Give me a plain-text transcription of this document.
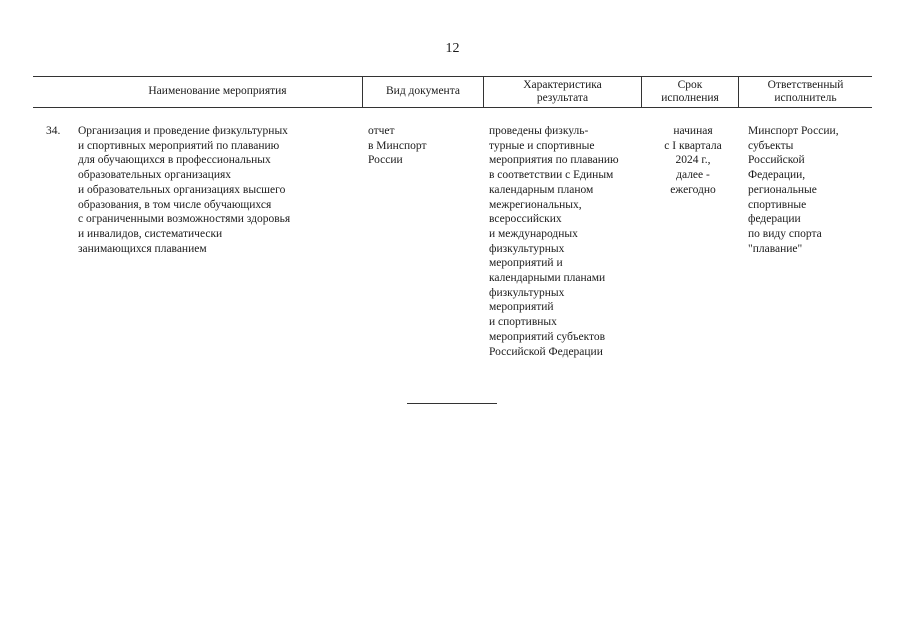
12
Наименование мероприятия	Вид документа
Характеристика
результата
Срок
исполнения
Ответственный
исполнитель
34. Организация и проведение физкультурных
и спортивных мероприятий по плаванию
для обучающихся в профессиональных
образовательных организациях
и образовательных организациях высшего
образования, в том числе обучающихся
с ограниченными возможностями здоровья
и инвалидов, систематически
занимающихся плаванием
отчет
в Минспорт
России
проведены физкуль-
турные и спортивные
мероприятия по плаванию
в соответствии с Единым
календарным планом
межрегиональных,
всероссийских
и международных
физкультурных
мероприятий и
календарными планами
физкультурных
мероприятий
и спортивных
мероприятий субъектов
Российской Федерации
начиная
с I квартала
2024 г.,
далее -
ежегодно
Минспорт России,
субъекты
Российской
Федерации,
региональные
спортивные
федерации
по виду спорта
"плавание"
